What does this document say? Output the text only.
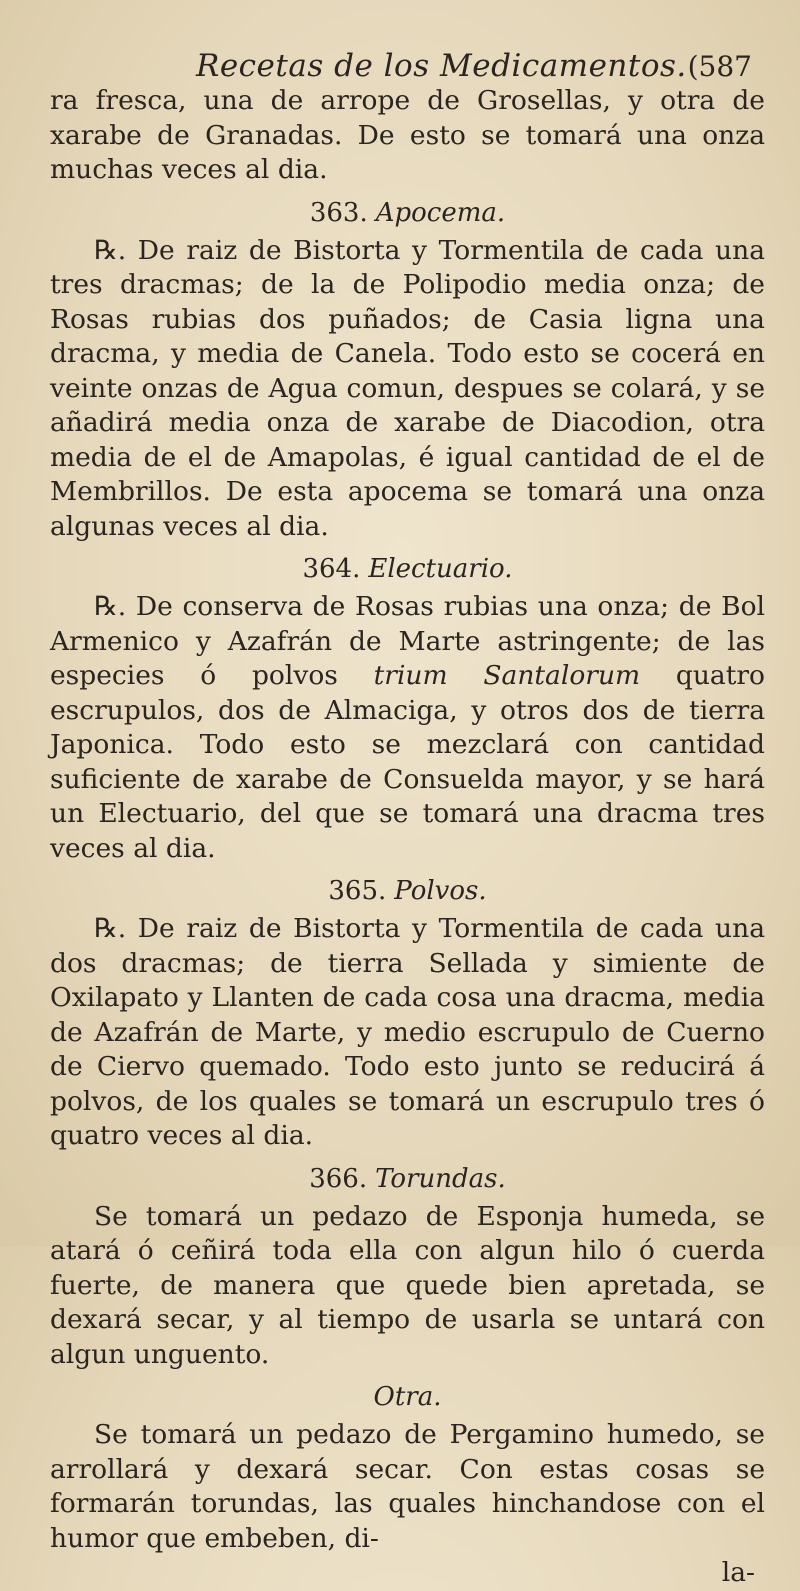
Recetas de los Medicamentos. (587

ra fresca, una de arrope de Grosellas, y otra de xarabe de Granadas. De esto se tomará una onza muchas veces al dia.

363. Apocema.

℞. De raiz de Bistorta y Tormentila de cada una tres dracmas; de la de Polipodio media onza; de Rosas rubias dos puñados; de Casia ligna una dracma, y media de Canela. Todo esto se cocerá en veinte onzas de Agua comun, despues se colará, y se añadirá media onza de xarabe de Diacodion, otra media de el de Amapolas, é igual cantidad de el de Membrillos. De esta apocema se tomará una onza algunas veces al dia.

364. Electuario.

℞. De conserva de Rosas rubias una onza; de Bol Armenico y Azafrán de Marte astringente; de las especies ó polvos trium Santalorum quatro escrupulos, dos de Almaciga, y otros dos de tierra Japonica. Todo esto se mezclará con cantidad suficiente de xarabe de Consuelda mayor, y se hará un Electuario, del que se tomará una dracma tres veces al dia.

365. Polvos.

℞. De raiz de Bistorta y Tormentila de cada una dos dracmas; de tierra Sellada y simiente de Oxilapato y Llanten de cada cosa una dracma, media de Azafrán de Marte, y medio escrupulo de Cuerno de Ciervo quemado. Todo esto junto se reducirá á polvos, de los quales se tomará un escrupulo tres ó quatro veces al dia.

366. Torundas.

Se tomará un pedazo de Esponja humeda, se atará ó ceñirá toda ella con algun hilo ó cuerda fuerte, de manera que quede bien apretada, se dexará secar, y al tiempo de usarla se untará con algun unguento.

Otra.

Se tomará un pedazo de Pergamino humedo, se arrollará y dexará secar. Con estas cosas se formarán torundas, las quales hinchandose con el humor que embeben, di-

la-
